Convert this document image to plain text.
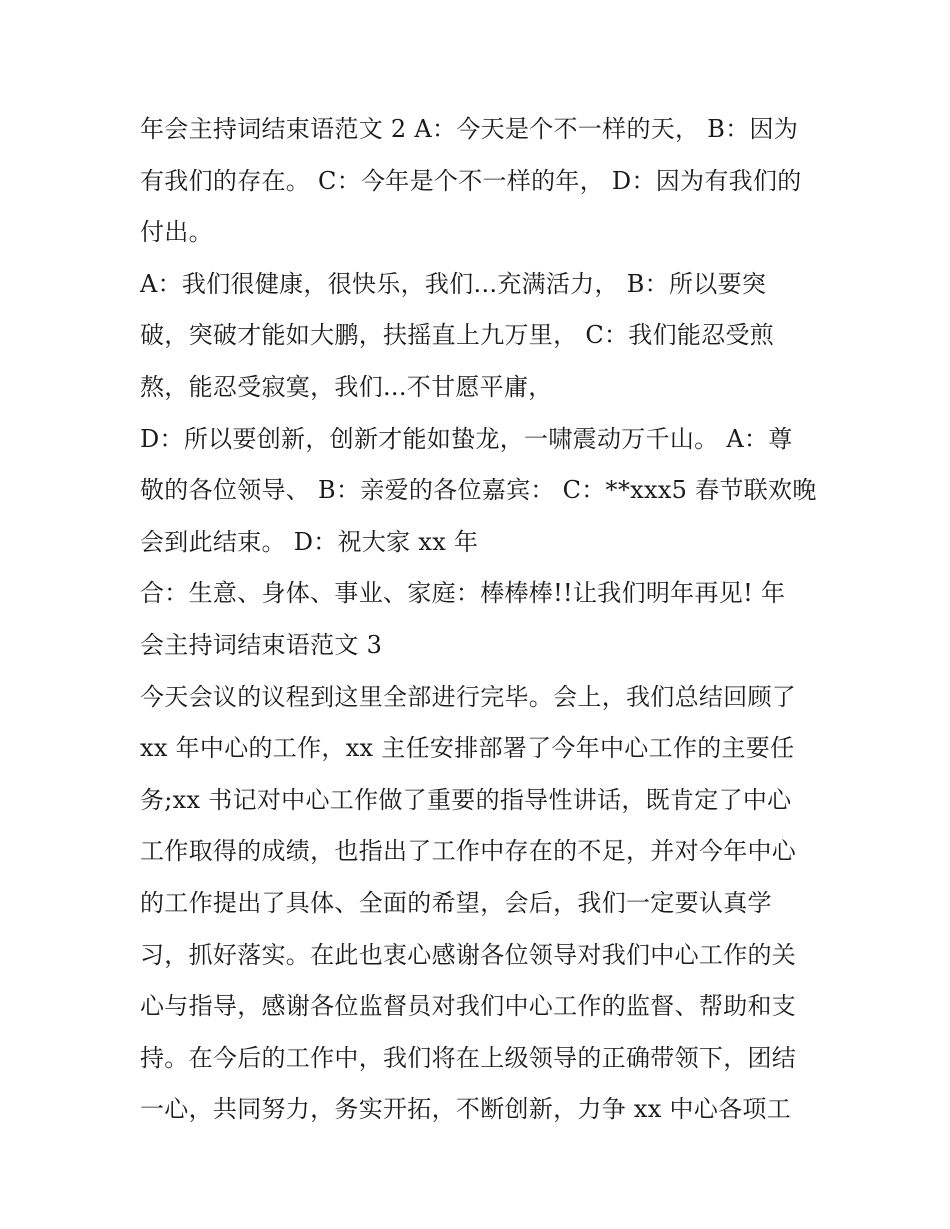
年会主持词结束语范文 2 A：今天是个不一样的天， B：因为
有我们的存在。 C：今年是个不一样的年， D：因为有我们的
付出。
A：我们很健康，很快乐，我们...充满活力， B：所以要突
破，突破才能如大鹏，扶摇直上九万里， C：我们能忍受煎
熬，能忍受寂寞，我们...不甘愿平庸，
D：所以要创新，创新才能如蛰龙，一啸震动万千山。 A：尊
敬的各位领导、 B：亲爱的各位嘉宾： C：**xxx5 春节联欢晚
会到此结束。 D：祝大家 xx 年
合：生意、身体、事业、家庭：棒棒棒!!让我们明年再见! 年
会主持词结束语范文 3
今天会议的议程到这里全部进行完毕。会上，我们总结回顾了
xx 年中心的工作，xx 主任安排部署了今年中心工作的主要任
务;xx 书记对中心工作做了重要的指导性讲话，既肯定了中心
工作取得的成绩，也指出了工作中存在的不足，并对今年中心
的工作提出了具体、全面的希望，会后，我们一定要认真学
习，抓好落实。在此也衷心感谢各位领导对我们中心工作的关
心与指导，感谢各位监督员对我们中心工作的监督、帮助和支
持。在今后的工作中，我们将在上级领导的正确带领下，团结
一心，共同努力，务实开拓，不断创新，力争 xx 中心各项工
